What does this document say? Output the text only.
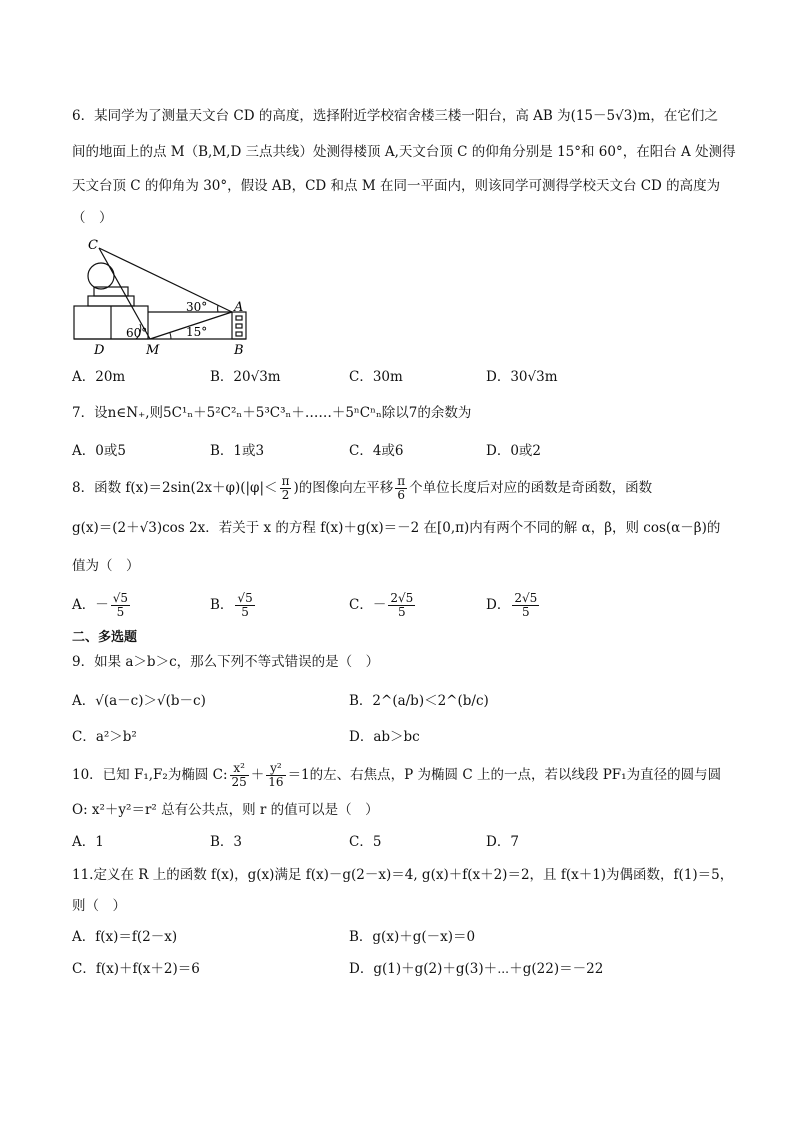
6．某同学为了测量天文台 CD 的高度，选择附近学校宿舍楼三楼一阳台，高 AB 为(15－5√3)m，在它们之
间的地面上的点 M（B,M,D 三点共线）处测得楼顶 A,天文台顶 C 的仰角分别是 15°和 60°，在阳台 A 处测得
天文台顶 C 的仰角为 30°，假设 AB，CD 和点 M 在同一平面内，则该同学可测得学校天文台 CD 的高度为
（　）
C
A
D	M	B
30°
60°	15°
A．20m	B．20√3m	C．30m	D．30√3m
7．设n∈N₊,则5C¹ₙ＋5²C²ₙ＋5³C³ₙ＋……＋5ⁿCⁿₙ除以7的余数为
A．0或5	B．1或3	C．4或6	D．0或2
8．函数 $f(x)=2\sin(2x+\varphi)(|\varphi|< \frac{\pi}{2}$ )的图像向左平移 $\frac{\pi}{6}$ 个单位长度后对应的函数是奇函数，函数
g(x)＝(2＋√3)cos 2x．若关于 x 的方程 f(x)＋g(x)＝－2 在[0,π)内有两个不同的解 α，β，则 cos(α－β)的
值为（　）
A．－ $\frac{√5}{5}$	B． $\frac{√5}{5}$	C．－ $\frac{2√5}{5}$	D． $\frac{2√5}{5}$
二、多选题
9．如果 a＞b＞c，那么下列不等式错误的是（　）
A．√(a－c)＞√(b－c)	B．2^(a/b)＜2^(b/c)
C．a²＞b²	D．ab＞bc
10．已知 F₁,F₂为椭圆 C: $\frac{\text{x²}}{25} + \frac{\text{y²}}{16} =1$的左、右焦点，P 为椭圆 C 上的一点，若以线段 PF₁为直径的圆与圆
O: x²＋y²＝r² 总有公共点，则 r 的值可以是（　）
A．1	B．3	C．5	D．7
11.定义在 R 上的函数 f(x)，g(x)满足 f(x)－g(2－x)＝4, g(x)＋f(x＋2)＝2，且 f(x＋1)为偶函数，f(1)＝5，
则（　）
A．f(x)＝f(2－x)	B．g(x)＋g(－x)＝0
C．f(x)＋f(x＋2)＝6	D．g(1)＋g(2)＋g(3)＋⋯＋g(22)＝－22
